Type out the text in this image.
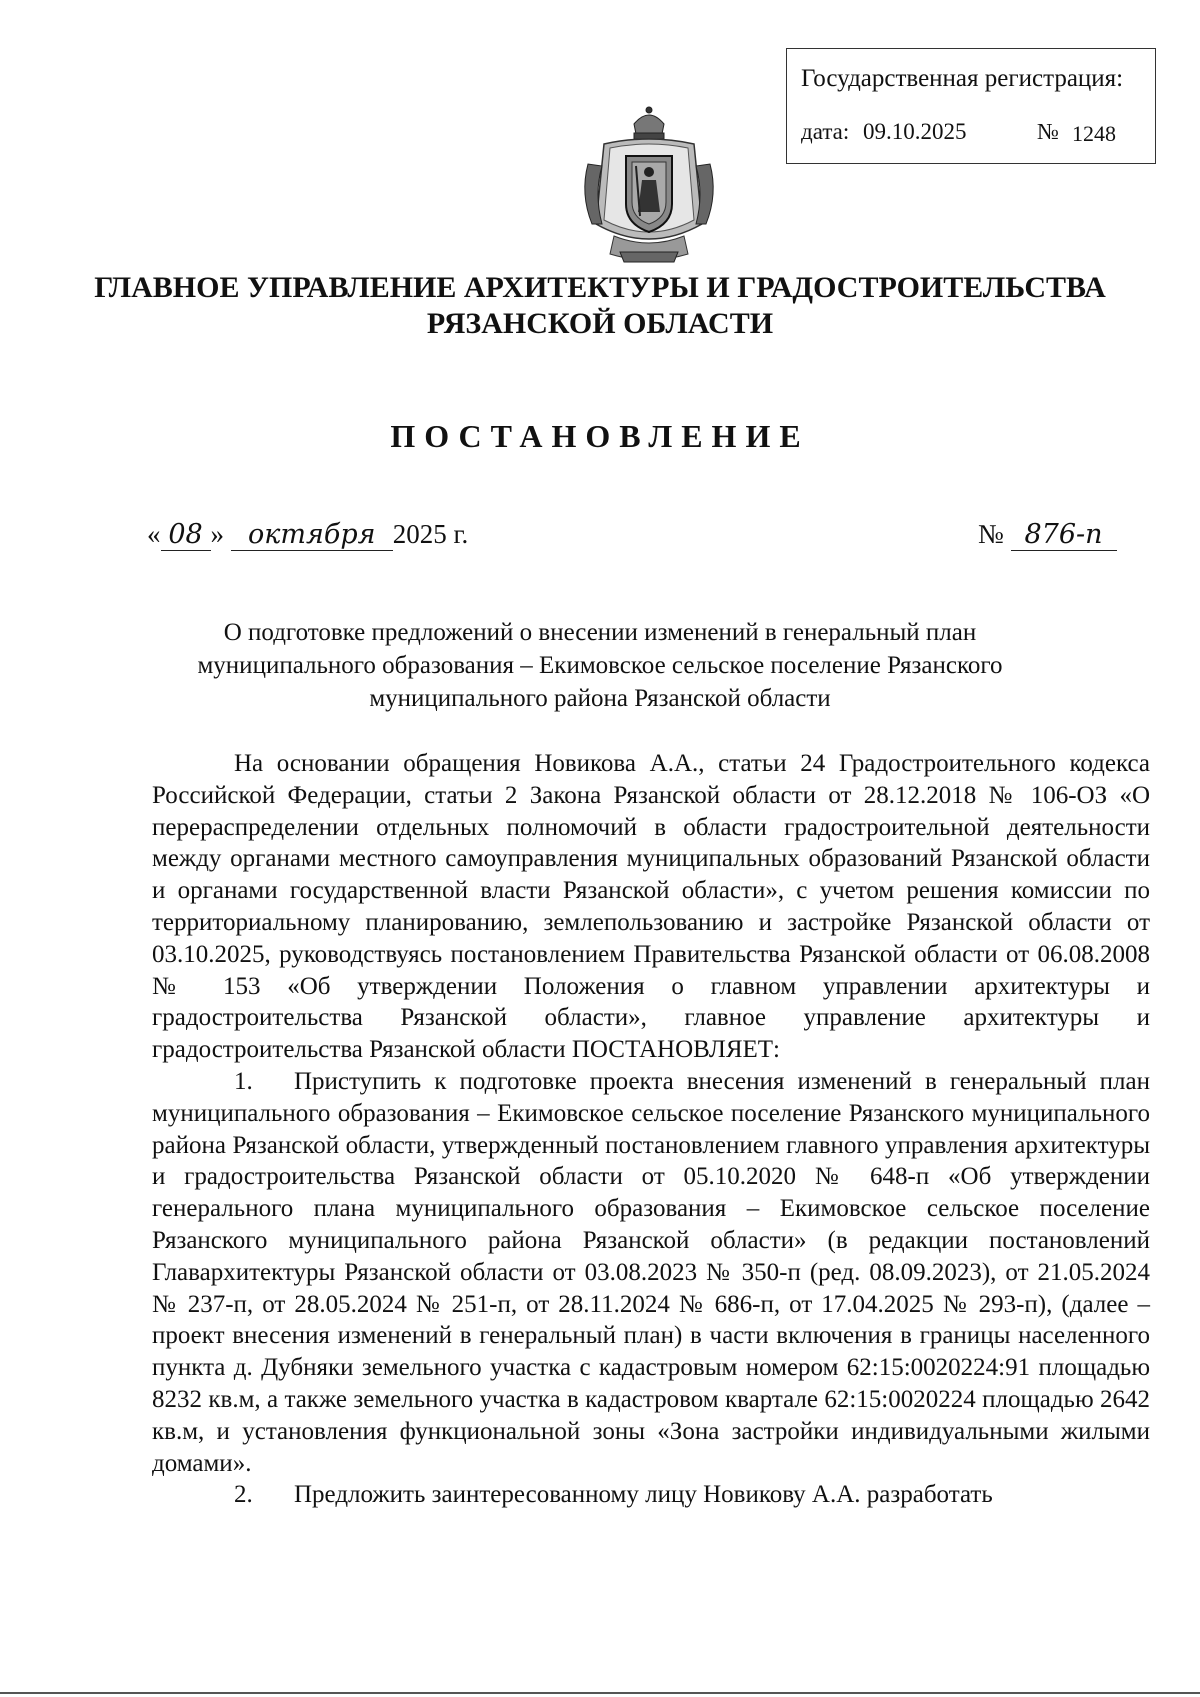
Государственная регистрация:
дата: 09.10.2025	№ 1248
ГЛАВНОЕ УПРАВЛЕНИЕ АРХИТЕКТУРЫ И ГРАДОСТРОИТЕЛЬСТВА
РЯЗАНСКОЙ ОБЛАСТИ
ПОСТАНОВЛЕНИЕ
« 08 » октября 2025 г.	№ 876-п
О подготовке предложений о внесении изменений в генеральный план
муниципального образования – Екимовское сельское поселение Рязанского
муниципального района Рязанской области

На основании обращения Новикова А.А., статьи 24 Градостроительного кодекса Российской Федерации, статьи 2 Закона Рязанской области от 28.12.2018 № 106-ОЗ «О перераспределении отдельных полномочий в области градостроительной деятельности между органами местного самоуправления муниципальных образований Рязанской области и органами государственной власти Рязанской области», с учетом решения комиссии по территориальному планированию, землепользованию и застройке Рязанской области от 03.10.2025, руководствуясь постановлением Правительства Рязанской области от 06.08.2008 № 153 «Об утверждении Положения о главном управлении архитектуры и градостроительства Рязанской области», главное управление архитектуры и градостроительства Рязанской области ПОСТАНОВЛЯЕТ:

1. Приступить к подготовке проекта внесения изменений в генеральный план муниципального образования – Екимовское сельское поселение Рязанского муниципального района Рязанской области, утвержденный постановлением главного управления архитектуры и градостроительства Рязанской области от 05.10.2020 № 648-п «Об утверждении генерального плана муниципального образования – Екимовское сельское поселение Рязанского муниципального района Рязанской области» (в редакции постановлений Главархитектуры Рязанской области от 03.08.2023 № 350-п (ред. 08.09.2023), от 21.05.2024 № 237-п, от 28.05.2024 № 251-п, от 28.11.2024 № 686-п, от 17.04.2025 № 293-п), (далее – проект внесения изменений в генеральный план) в части включения в границы населенного пункта д. Дубняки земельного участка с кадастровым номером 62:15:0020224:91 площадью 8232 кв.м, а также земельного участка в кадастровом квартале 62:15:0020224 площадью 2642 кв.м, и установления функциональной зоны «Зона застройки индивидуальными жилыми домами».

2. Предложить заинтересованному лицу Новикову А.А. разработать
